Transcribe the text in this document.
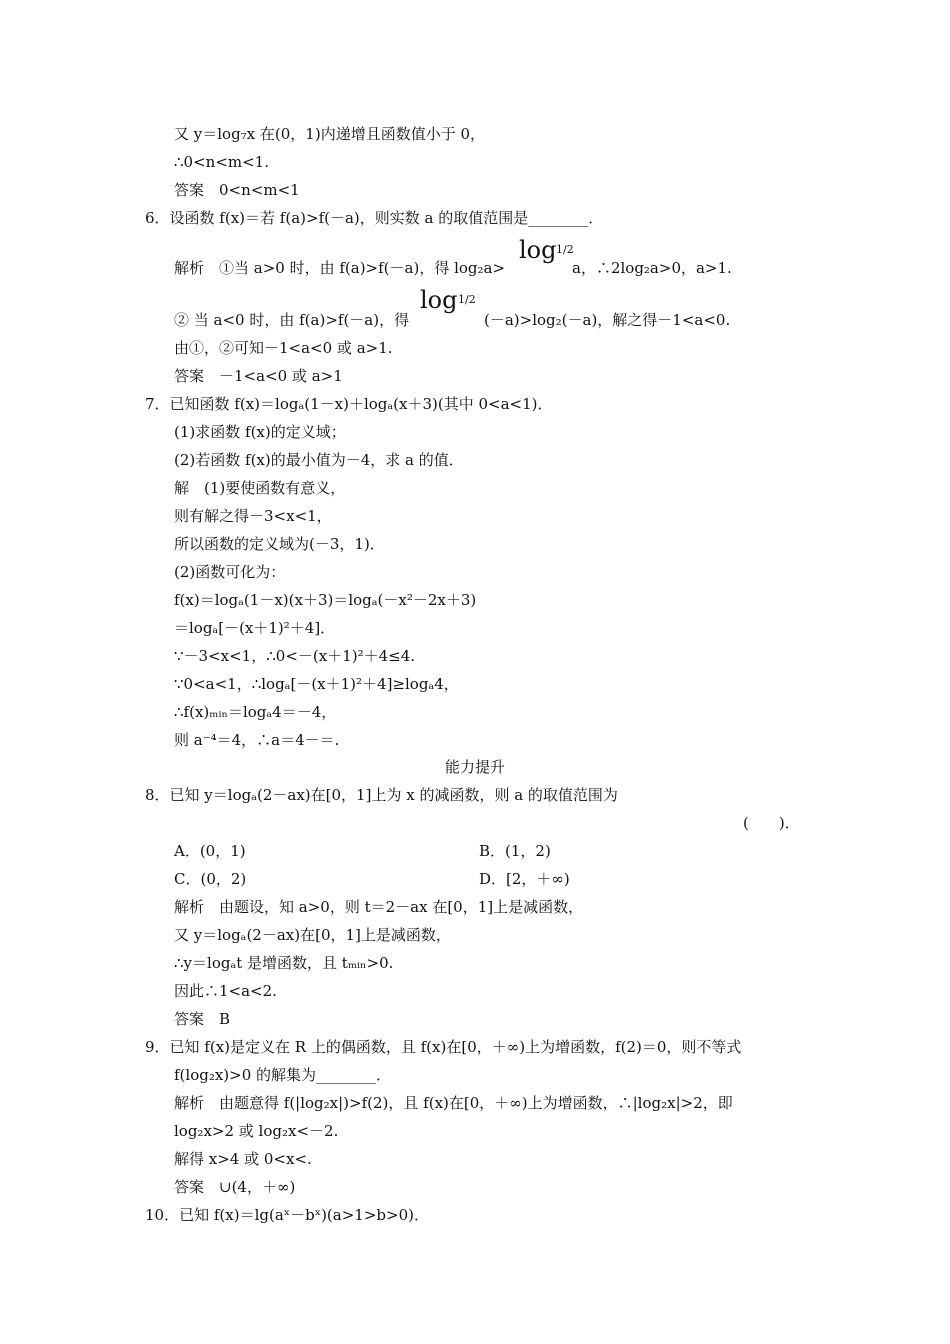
又 y＝log₇x 在(0，1)内递增且函数值小于 0，
∴0<n<m<1.
答案　0<n<m<1
6．设函数 f(x)＝若 f(a)>f(－a)，则实数 a 的取值范围是________．
解析　①当 a>0 时，由 f(a)>f(－a)，得 log₂a>
log 1/2
a，∴2log₂a>0，a>1.
② 当 a<0 时，由 f(a)>f(－a)，得
log 1/2
(－a)>log₂(－a)，解之得－1<a<0.
由①，②可知－1<a<0 或 a>1.
答案　－1<a<0 或 a>1
7．已知函数 f(x)＝logₐ(1－x)＋logₐ(x＋3)(其中 0<a<1)．
(1)求函数 f(x)的定义域；
(2)若函数 f(x)的最小值为－4，求 a 的值．
解　(1)要使函数有意义，
则有解之得－3<x<1，
所以函数的定义域为(－3，1)．
(2)函数可化为：
f(x)＝logₐ(1－x)(x＋3)＝logₐ(－x²－2x＋3)
＝logₐ[－(x＋1)²＋4]．
∵－3<x<1，∴0<－(x＋1)²＋4≤4.
∵0<a<1，∴logₐ[－(x＋1)²＋4]≥logₐ4，
∴f(x)ₘᵢₙ＝logₐ4＝－4，
则 a⁻⁴＝4，∴a＝4－＝.
能力提升
8．已知 y＝logₐ(2－ax)在[0，1]上为 x 的减函数，则 a 的取值范围为
(　　)．
A．(0，1)	B．(1，2)
C．(0，2)	D．[2，＋∞)
解析　由题设，知 a>0，则 t＝2－ax 在[0，1]上是减函数，
又 y＝logₐ(2－ax)在[0，1]上是减函数，
∴y＝logₐt 是增函数，且 tₘᵢₙ>0.
因此∴1<a<2.
答案　B
9．已知 f(x)是定义在 R 上的偶函数，且 f(x)在[0，＋∞)上为增函数，f(2)＝0，则不等式
f(log₂x)>0 的解集为________．
解析　由题意得 f(|log₂x|)>f(2)，且 f(x)在[0，＋∞)上为增函数，∴|log₂x|>2，即
log₂x>2 或 log₂x<－2.
解得 x>4 或 0<x<.
答案　∪(4，＋∞)
10．已知 f(x)＝lg(aˣ－bˣ)(a>1>b>0)．
